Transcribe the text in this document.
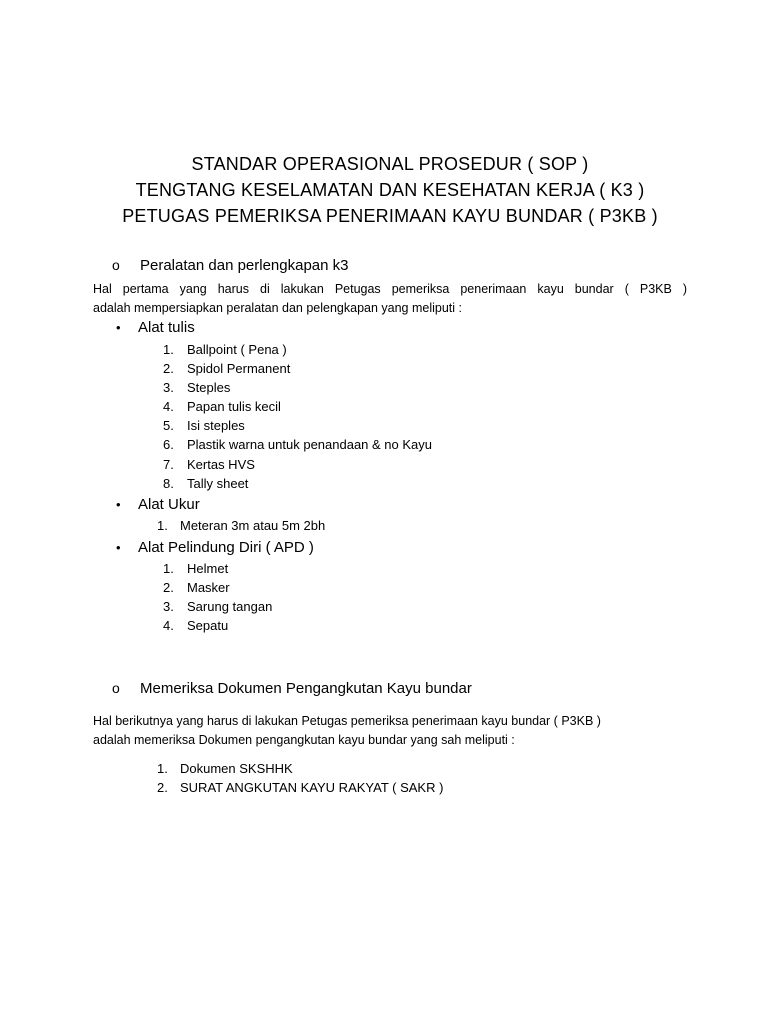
STANDAR OPERASIONAL PROSEDUR ( SOP )
TENGTANG KESELAMATAN DAN KESEHATAN KERJA ( K3 )
PETUGAS PEMERIKSA PENERIMAAN KAYU BUNDAR ( P3KB )
o Peralatan dan perlengkapan k3
Hal pertama yang harus di lakukan Petugas pemeriksa penerimaan kayu bundar ( P3KB )
adalah mempersiapkan peralatan dan pelengkapan yang meliputi :
• Alat tulis
1. Ballpoint ( Pena )
2. Spidol Permanent
3. Steples
4. Papan tulis kecil
5. Isi steples
6. Plastik warna untuk penandaan & no Kayu
7. Kertas HVS
8. Tally sheet
• Alat Ukur
1. Meteran 3m atau 5m 2bh
• Alat Pelindung Diri ( APD )
1. Helmet
2. Masker
3. Sarung tangan
4. Sepatu
o Memeriksa Dokumen Pengangkutan Kayu bundar
Hal berikutnya yang harus di lakukan Petugas pemeriksa penerimaan kayu bundar ( P3KB )
adalah memeriksa Dokumen pengangkutan kayu bundar yang sah meliputi :
1. Dokumen SKSHHK
2. SURAT ANGKUTAN KAYU RAKYAT ( SAKR )
